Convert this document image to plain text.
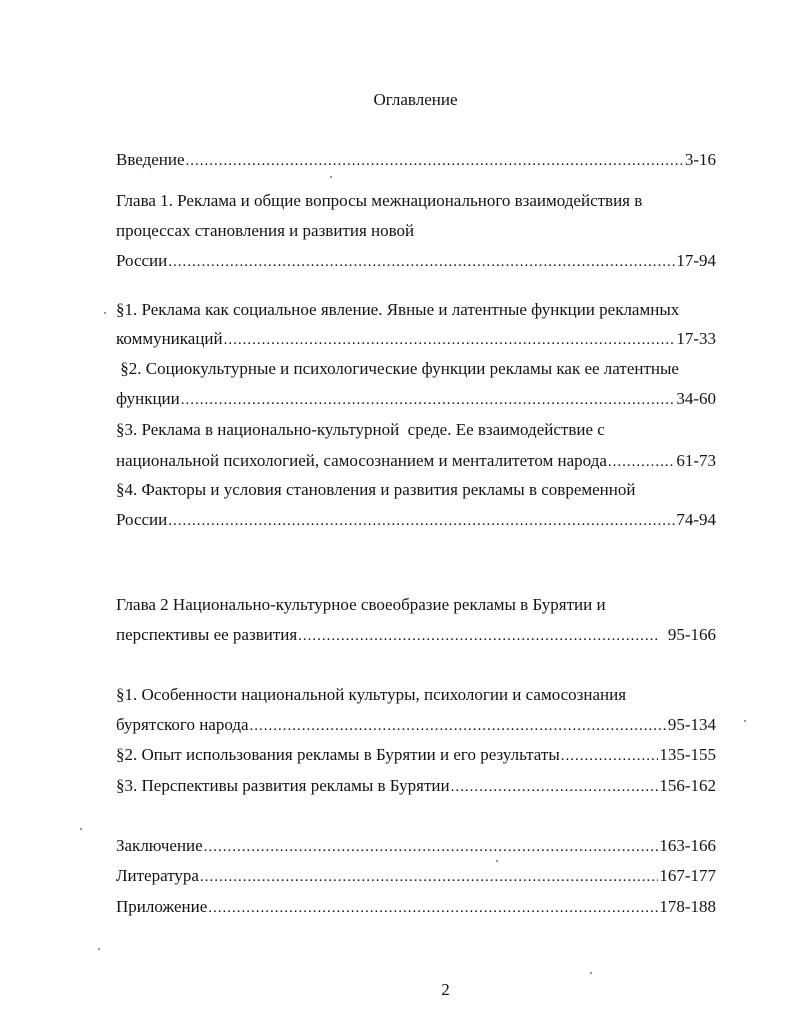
Оглавление
Введение .....	3-16
Глава 1. Реклама и общие вопросы межнационального взаимодействия в
процессах становления и развития новой
России .....	17-94
§1. Реклама как социальное явление. Явные и латентные функции рекламных
коммуникаций .....	17-33
§2. Социокультурные и психологические функции рекламы как ее латентные
функции .....	34-60
§3. Реклама в национально-культурной  среде. Ее взаимодействие с
национальной психологией, самосознанием и менталитетом народа .....	61-73
§4. Факторы и условия становления и развития рекламы в современной
России .....	74-94
Глава 2 Национально-культурное своеобразие рекламы в Бурятии и
перспективы ее развития .....	95-166
§1. Особенности национальной культуры, психологии и самосознания
бурятского народа .....	95-134
§2. Опыт использования рекламы в Бурятии и его результаты .....	135-155
§3. Перспективы развития рекламы в Бурятии .....	156-162
Заключение .....	163-166
Литература .....	167-177
Приложение .....	178-188
2
